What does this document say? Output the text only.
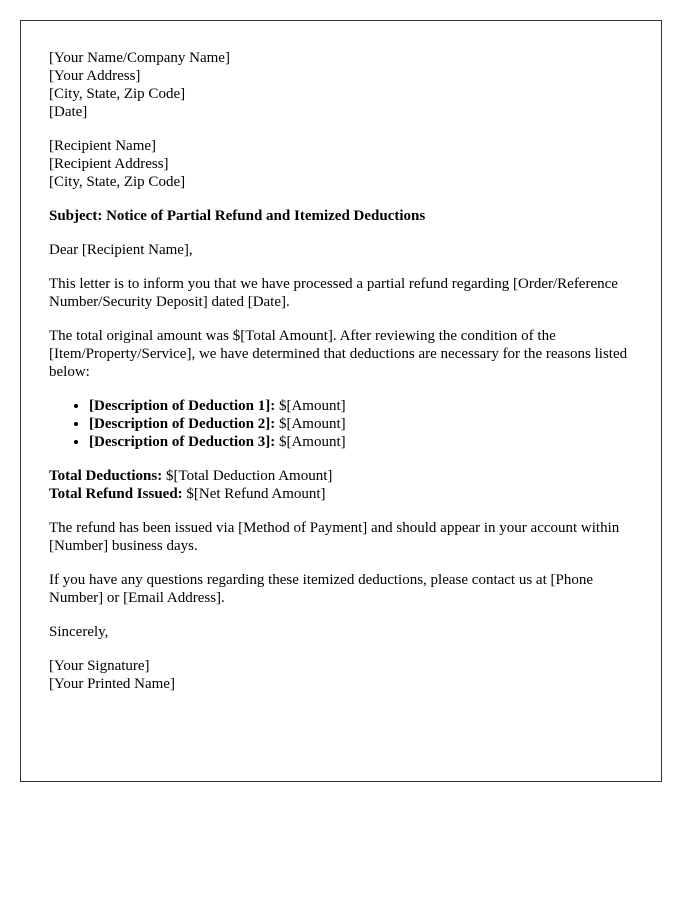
[Your Name/Company Name]
[Your Address]
[City, State, Zip Code]
[Date]

[Recipient Name]
[Recipient Address]
[City, State, Zip Code]

Subject: Notice of Partial Refund and Itemized Deductions

Dear [Recipient Name],

This letter is to inform you that we have processed a partial refund regarding [Order/Reference Number/Security Deposit] dated [Date].

The total original amount was $[Total Amount]. After reviewing the condition of the [Item/Property/Service], we have determined that deductions are necessary for the reasons listed below:

• [Description of Deduction 1]: $[Amount]
• [Description of Deduction 2]: $[Amount]
• [Description of Deduction 3]: $[Amount]

Total Deductions: $[Total Deduction Amount]
Total Refund Issued: $[Net Refund Amount]

The refund has been issued via [Method of Payment] and should appear in your account within [Number] business days.

If you have any questions regarding these itemized deductions, please contact us at [Phone Number] or [Email Address].

Sincerely,

[Your Signature]
[Your Printed Name]
